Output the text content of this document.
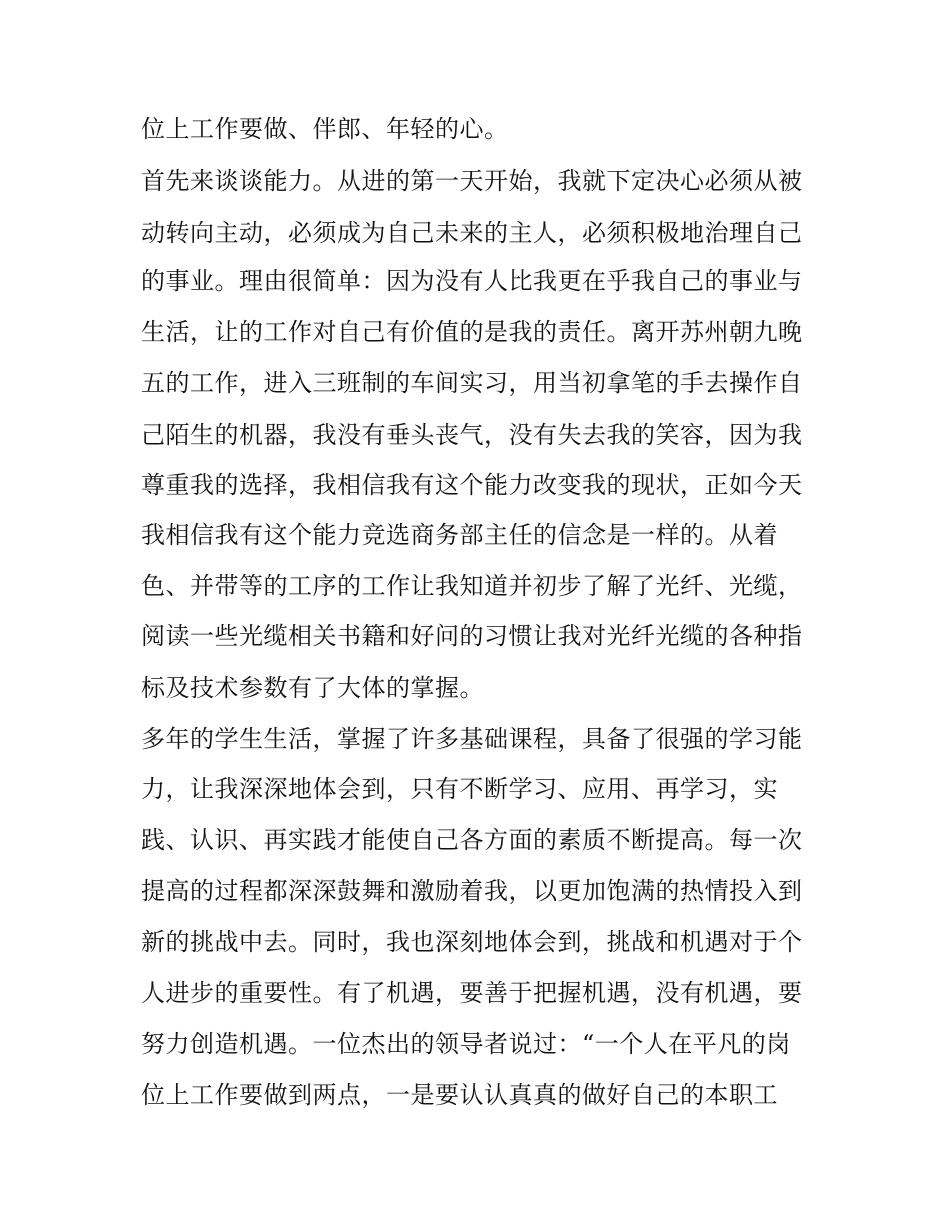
位上工作要做、伴郎、年轻的心。
首先来谈谈能力。从进的第一天开始，我就下定决心必须从被
动转向主动，必须成为自己未来的主人，必须积极地治理自己
的事业。理由很简单：因为没有人比我更在乎我自己的事业与
生活，让的工作对自己有价值的是我的责任。离开苏州朝九晚
五的工作，进入三班制的车间实习，用当初拿笔的手去操作自
己陌生的机器，我没有垂头丧气，没有失去我的笑容，因为我
尊重我的选择，我相信我有这个能力改变我的现状，正如今天
我相信我有这个能力竞选商务部主任的信念是一样的。从着
色、并带等的工序的工作让我知道并初步了解了光纤、光缆，
阅读一些光缆相关书籍和好问的习惯让我对光纤光缆的各种指
标及技术参数有了大体的掌握。
多年的学生生活，掌握了许多基础课程，具备了很强的学习能
力，让我深深地体会到，只有不断学习、应用、再学习，实
践、认识、再实践才能使自己各方面的素质不断提高。每一次
提高的过程都深深鼓舞和激励着我，以更加饱满的热情投入到
新的挑战中去。同时，我也深刻地体会到，挑战和机遇对于个
人进步的重要性。有了机遇，要善于把握机遇，没有机遇，要
努力创造机遇。一位杰出的领导者说过：“一个人在平凡的岗
位上工作要做到两点，一是要认认真真的做好自己的本职工
